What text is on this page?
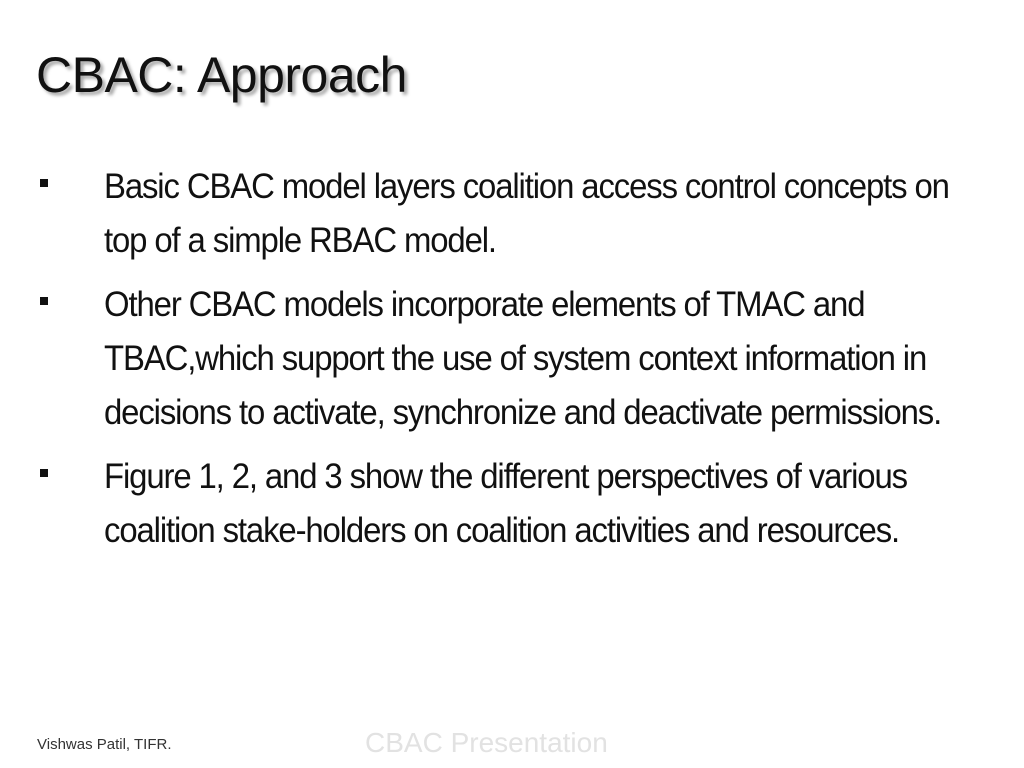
CBAC: Approach
Basic CBAC model layers coalition access control concepts on top of a simple RBAC model.
Other CBAC models incorporate elements of TMAC and TBAC,which support the use of system context information in decisions to activate, synchronize and deactivate permissions.
Figure 1, 2, and 3 show the different perspectives of various coalition stake-holders on coalition activities and resources.
Vishwas Patil, TIFR.	CBAC Presentation
